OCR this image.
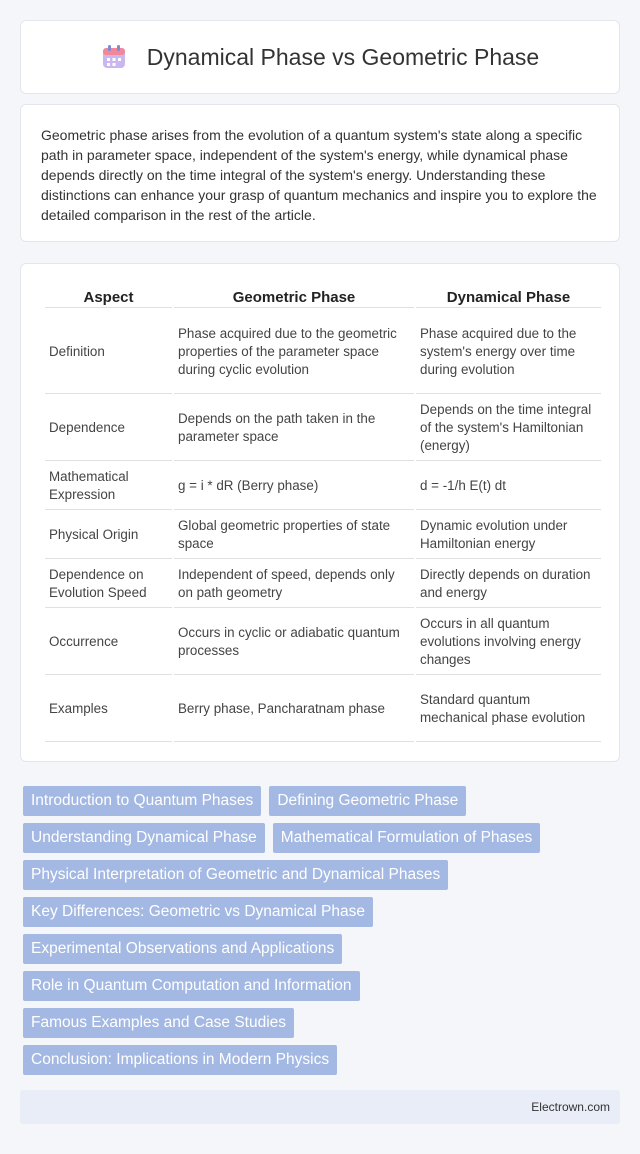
Dynamical Phase vs Geometric Phase

Geometric phase arises from the evolution of a quantum system's state along a specific path in parameter space, independent of the system's energy, while dynamical phase depends directly on the time integral of the system's energy. Understanding these distinctions can enhance your grasp of quantum mechanics and inspire you to explore the detailed comparison in the rest of the article.

Aspect	Geometric Phase	Dynamical Phase
Definition	Phase acquired due to the geometric properties of the parameter space during cyclic evolution	Phase acquired due to the system's energy over time during evolution
Dependence	Depends on the path taken in the parameter space	Depends on the time integral of the system's Hamiltonian (energy)
Mathematical Expression	g = i * dR (Berry phase)	d = -1/h E(t) dt
Physical Origin	Global geometric properties of state space	Dynamic evolution under Hamiltonian energy
Dependence on Evolution Speed	Independent of speed, depends only on path geometry	Directly depends on duration and energy
Occurrence	Occurs in cyclic or adiabatic quantum processes	Occurs in all quantum evolutions involving energy changes
Examples	Berry phase, Pancharatnam phase	Standard quantum mechanical phase evolution
Introduction to Quantum Phases	Defining Geometric Phase
Understanding Dynamical Phase	Mathematical Formulation of Phases
Physical Interpretation of Geometric and Dynamical Phases
Key Differences: Geometric vs Dynamical Phase
Experimental Observations and Applications
Role in Quantum Computation and Information
Famous Examples and Case Studies
Conclusion: Implications in Modern Physics
Electrown.com
